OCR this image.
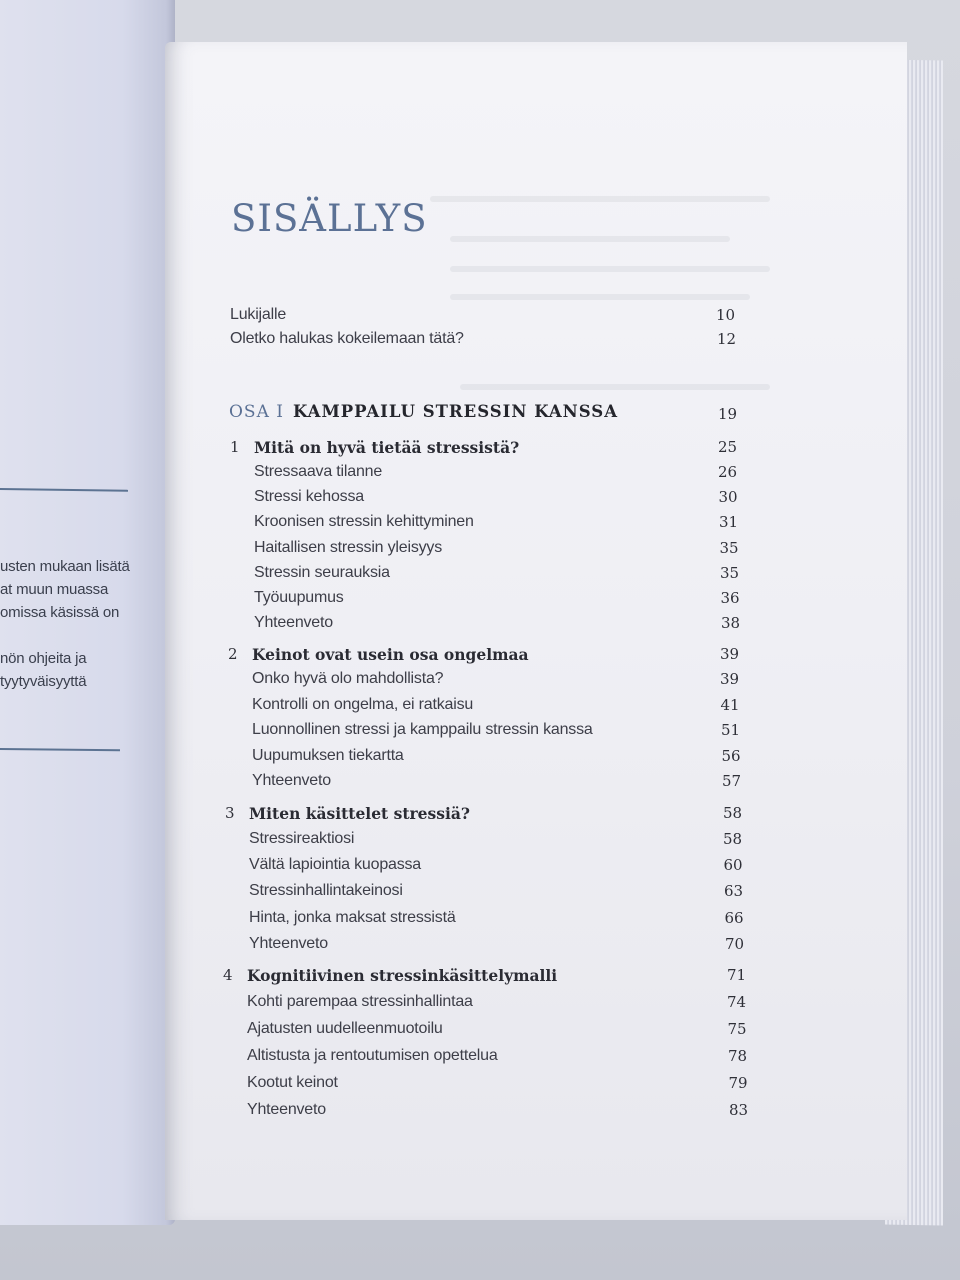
usten mukaan lisätä
at muun muassa
omissa käsissä on
nön ohjeita ja
tyytyväisyyttä
SISÄLLYS
Lukijalle	10
Oletko halukas kokeilemaan tätä?	12
OSA I KAMPPAILU STRESSIN KANSSA	19
1 Mitä on hyvä tietää stressistä?	25
Stressaava tilanne	26
Stressi kehossa	30
Kroonisen stressin kehittyminen	31
Haitallisen stressin yleisyys	35
Stressin seurauksia	35
Työuupumus	36
Yhteenveto	38
2 Keinot ovat usein osa ongelmaa	39
Onko hyvä olo mahdollista?	39
Kontrolli on ongelma, ei ratkaisu	41
Luonnollinen stressi ja kamppailu stressin kanssa	51
Uupumuksen tiekartta	56
Yhteenveto	57
3 Miten käsittelet stressiä?	58
Stressireaktiosi	58
Vältä lapiointia kuopassa	60
Stressinhallintakeinosi	63
Hinta, jonka maksat stressistä	66
Yhteenveto	70
4 Kognitiivinen stressinkäsittelymalli	71
Kohti parempaa stressinhallintaa	74
Ajatusten uudelleenmuotoilu	75
Altistusta ja rentoutumisen opettelua	78
Kootut keinot	79
Yhteenveto	83
